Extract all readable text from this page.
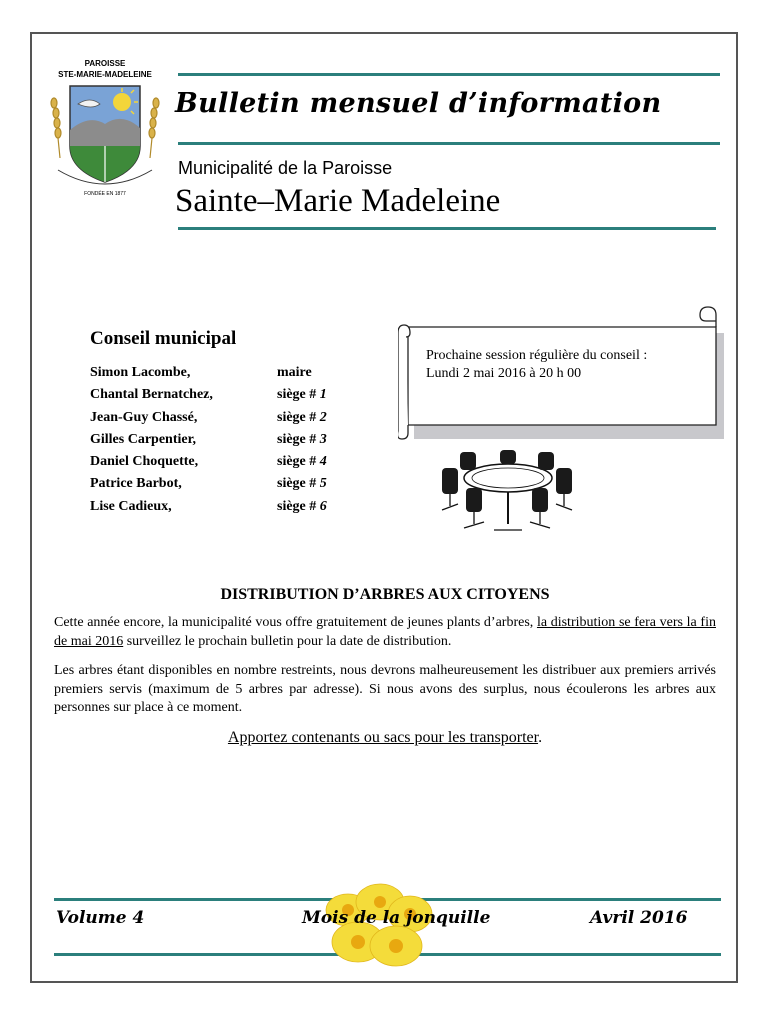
PAROISSE
STE-MARIE-MADELEINE
FONDÉE EN 1877
Bulletin mensuel d’information
Municipalité de la Paroisse
Sainte–Marie Madeleine
Conseil municipal
Simon Lacombe,	maire
Chantal Bernatchez,	siège # 1
Jean-Guy Chassé,	siège # 2
Gilles Carpentier,	siège # 3
Daniel Choquette,	siège # 4
Patrice Barbot,	siège # 5
Lise Cadieux,	siège # 6
Prochaine session régulière du conseil :
Lundi 2 mai 2016 à 20 h 00
DISTRIBUTION D’ARBRES AUX CITOYENS
Cette année encore, la municipalité vous offre gratuitement de jeunes plants d’arbres, la distribution se fera vers la fin de mai 2016 surveillez le prochain bulletin pour la date de distribution.
Les arbres étant disponibles en nombre restreints, nous devrons malheureusement les distribuer aux premiers arrivés premiers servis (maximum de 5 arbres par adresse). Si nous avons des surplus, nous écoulerons les arbres aux personnes sur place à ce moment.
Apportez contenants ou sacs pour les transporter.
Volume 4	Mois de la jonquille	Avril 2016
